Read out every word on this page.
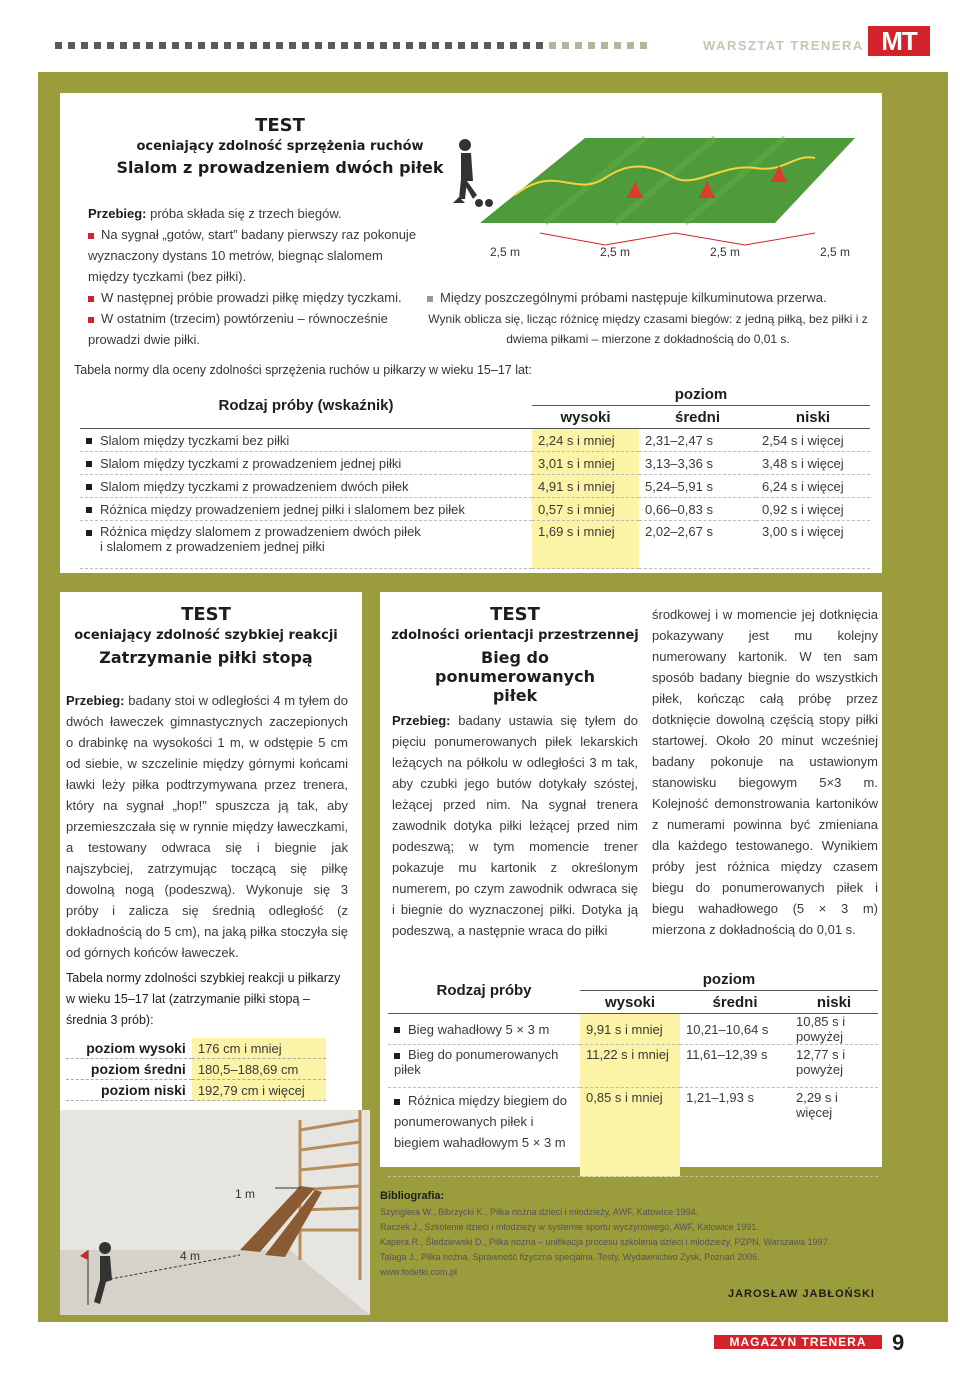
WARSZTAT TRENERA MT
TEST
oceniający zdolność sprzężenia ruchów
Slalom z prowadzeniem dwóch piłek
Przebieg: próba składa się z trzech biegów.
Na sygnał „gotów, start” badany pierwszy raz pokonuje wyznaczony dystans 10 metrów, biegnąc slalomem między tyczkami (bez piłki).
W następnej próbie prowadzi piłkę między tyczkami.
W ostatnim (trzecim) powtórzeniu – równocześnie prowadzi dwie piłki.
2,5 m	2,5 m	2,5 m	2,5 m
Między poszczególnymi próbami następuje kilkuminutowa przerwa.
Wynik oblicza się, licząc różnicę między czasami biegów: z jedną piłką, bez piłki i z dwiema piłkami – mierzone z dokładnością do 0,01 s.
Tabela normy dla oceny zdolności sprzężenia ruchów u piłkarzy w wieku 15–17 lat:
Rodzaj próby (wskaźnik)	poziom		
	wysoki	średni	niski
Slalom między tyczkami bez piłki	2,24 s i mniej	2,31–2,47 s	2,54 s i więcej
Slalom między tyczkami z prowadzeniem jednej piłki	3,01 s i mniej	3,13–3,36 s	3,48 s i więcej
Slalom między tyczkami z prowadzeniem dwóch piłek	4,91 s i mniej	5,24–5,91 s	6,24 s i więcej
Różnica między prowadzeniem jednej piłki i slalomem bez piłek	0,57 s i mniej	0,66–0,83 s	0,92 s i więcej
Różnica między slalomem z prowadzeniem dwóch piłek
i slalomem z prowadzeniem jednej piłki	1,69 s i mniej	2,02–2,67 s	3,00 s i więcej
TEST
oceniający zdolność szybkiej reakcji
Zatrzymanie piłki stopą
Przebieg: badany stoi w odległości 4 m tyłem do dwóch ławeczek gimnastycznych zaczepionych o drabinkę na wysokości 1 m, w odstępie 5 cm od siebie, w szczelinie między górnymi końcami ławki leży piłka podtrzymywana przez trenera, który na sygnał „hop!” spuszcza ją tak, aby przemieszczała się w rynnie między ławeczkami, a testowany odwraca się i biegnie jak najszybciej, zatrzymując toczącą się piłkę dowolną nogą (podeszwą). Wykonuje się 3 próby i zalicza się średnią odległość (z dokładnością do 5 cm), na jaką piłka stoczyła się od górnych końców ławeczek.
Tabela normy zdolności szybkiej reakcji u piłkarzy w wieku 15–17 lat (zatrzymanie piłki stopą – średnia 3 prób):
poziom wysoki	176 cm i mniej
poziom średni	180,5–188,69 cm
poziom niski	192,79 cm i więcej
1 m
4 m
TEST
zdolności orientacji przestrzennej
Bieg do ponumerowanych piłek
Przebieg: badany ustawia się tyłem do pięciu ponumerowanych piłek lekarskich leżących na półkolu w odległości 3 m tak, aby czubki jego butów dotykały szóstej, leżącej przed nim. Na sygnał trenera zawodnik dotyka piłki leżącej przed nim podeszwą; w tym momencie trener pokazuje mu kartonik z określonym numerem, po czym zawodnik odwraca się i biegnie do wyznaczonej piłki. Dotyka ją podeszwą, a następnie wraca do piłki
środkowej i w momencie jej dotknięcia pokazywany jest mu kolejny numerowany kartonik. W ten sam sposób badany biegnie do wszystkich piłek, kończąc całą próbę przez dotknięcie dowolną częścią stopy piłki startowej. Około 20 minut wcześniej badany pokonuje na ustawionym stanowisku biegowym 5×3 m. Kolejność demonstrowania kartoników z numerami powinna być zmieniana dla każdego testowanego. Wynikiem próby jest różnica między czasem biegu do ponumerowanych piłek i biegu wahadłowego (5 × 3 m) mierzona z dokładnością do 0,01 s.
Rodzaj próby	poziom		
	wysoki	średni	niski
Bieg wahadłowy 5 × 3 m	9,91 s i mniej	10,21–10,64 s	10,85 s i powyżej
Bieg do ponumerowanych piłek	11,22 s i mniej	11,61–12,39 s	12,77 s i powyżej
Różnica między biegiem do ponumerowanych piłek i biegiem wahadłowym 5 × 3 m	0,85 s i mniej	1,21–1,93 s	2,29 s i więcej
Bibliografia:
Szyngiera W., Bibrzycki K., Piłka nożna dzieci i młodzieży, AWF, Katowice 1994.
Raczek J., Szkolenie dzieci i młodzieży w systemie sportu wyczynowego, AWF, Katowice 1991.
Kapera R., Śledziewski D., Piłka nożna – unifikacja procesu szkolenia dzieci i młodzieży, PZPN, Warszawa 1997.
Talaga J., Piłka nożna. Sprawność fizyczna specjalna. Testy, Wydawnictwo Zysk, Poznań 2006.
www.fodetki.com.pl
JAROSŁAW JABŁOŃSKI
MAGAZYN TRENERA	9
